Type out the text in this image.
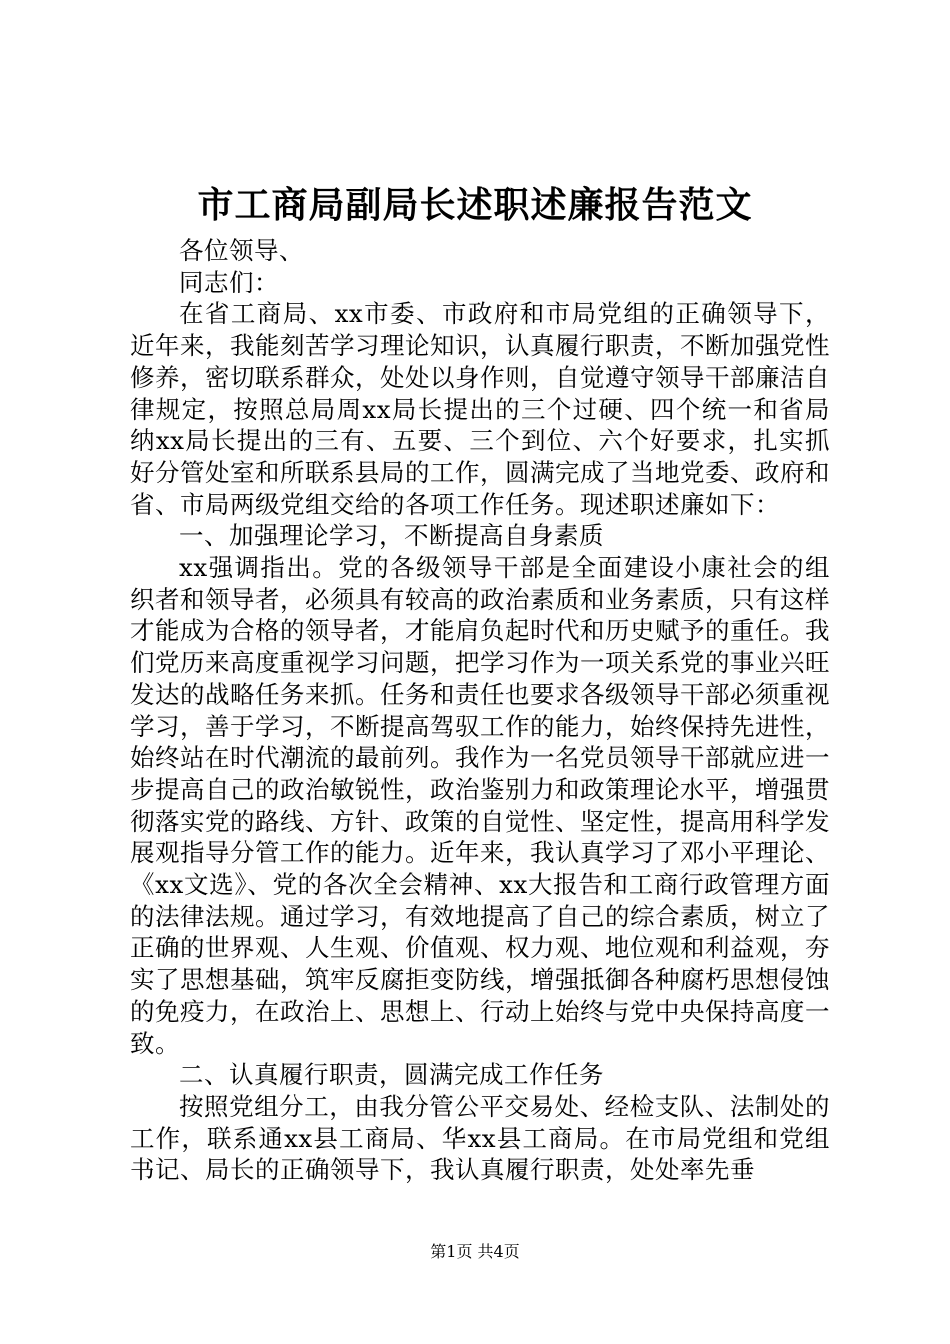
市工商局副局长述职述廉报告范文

各位领导、

同志们：

在省工商局、xx市委、市政府和市局党组的正确领导下，近年来，我能刻苦学习理论知识，认真履行职责，不断加强党性修养，密切联系群众，处处以身作则，自觉遵守领导干部廉洁自律规定，按照总局周xx局长提出的三个过硬、四个统一和省局纳xx局长提出的三有、五要、三个到位、六个好要求，扎实抓好分管处室和所联系县局的工作，圆满完成了当地党委、政府和省、市局两级党组交给的各项工作任务。现述职述廉如下：

一、加强理论学习，不断提高自身素质

xx强调指出。党的各级领导干部是全面建设小康社会的组织者和领导者，必须具有较高的政治素质和业务素质，只有这样才能成为合格的领导者，才能肩负起时代和历史赋予的重任。我们党历来高度重视学习问题，把学习作为一项关系党的事业兴旺发达的战略任务来抓。任务和责任也要求各级领导干部必须重视学习，善于学习，不断提高驾驭工作的能力，始终保持先进性，始终站在时代潮流的最前列。我作为一名党员领导干部就应进一步提高自己的政治敏锐性，政治鉴别力和政策理论水平，增强贯彻落实党的路线、方针、政策的自觉性、坚定性，提高用科学发展观指导分管工作的能力。近年来，我认真学习了邓小平理论、《xx文选》、党的各次全会精神、xx大报告和工商行政管理方面的法律法规。通过学习，有效地提高了自己的综合素质，树立了正确的世界观、人生观、价值观、权力观、地位观和利益观，夯实了思想基础，筑牢反腐拒变防线，增强抵御各种腐朽思想侵蚀的免疫力，在政治上、思想上、行动上始终与党中央保持高度一致。

二、认真履行职责，圆满完成工作任务

按照党组分工，由我分管公平交易处、经检支队、法制处的工作，联系通xx县工商局、华xx县工商局。在市局党组和党组书记、局长的正确领导下，我认真履行职责，处处率先垂

第1页 共4页
